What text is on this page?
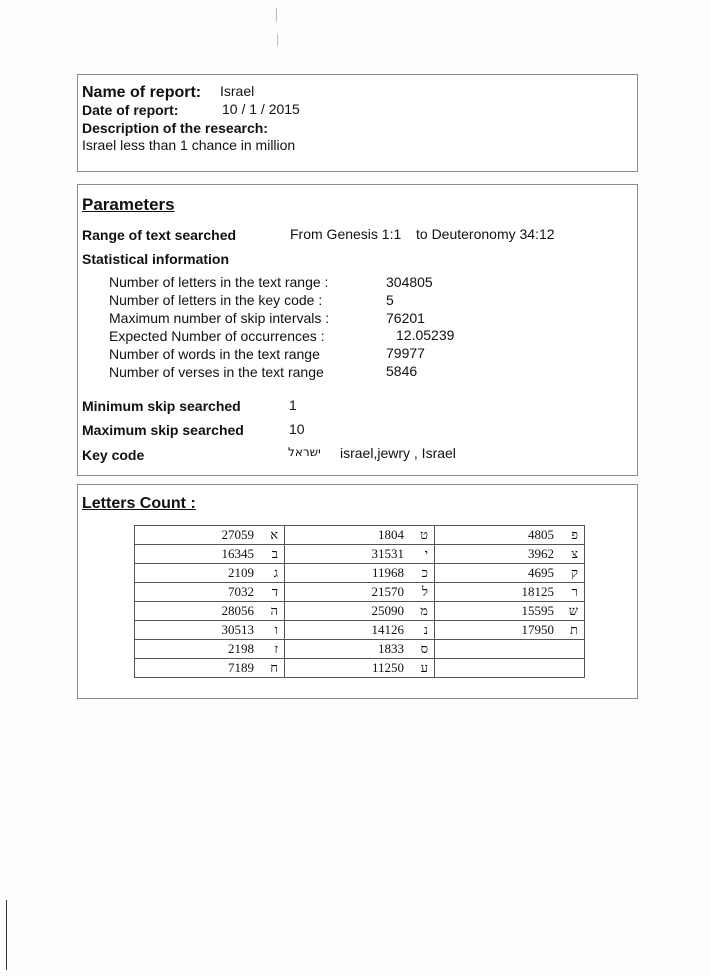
Name of report: Israel
Date of report:	10 / 1 / 2015
Description of the research:
Israel less than 1 chance in million
Parameters
Range of text searched	From Genesis 1:1 to Deuteronomy 34:12
Statistical information
Number of letters in the text range :	304805
Number of letters in the key code :	5
Maximum number of skip intervals :	76201
Expected Number of occurrences :	12.05239
Number of words in the text range	79977
Number of verses in the text range	5846
Minimum skip searched	1
Maximum skip searched	10
Key code	ישראל israel,jewry , Israel
Letters Count :
א27059	ט1804	פ4805
ב16345	י31531	צ3962
ג2109	כ11968	ק4695
ד7032	ל21570	ר18125
ה28056	מ25090	ש15595
ו30513	נ14126	ת17950
ז2198	ס1833	
ח7189	ע11250	
